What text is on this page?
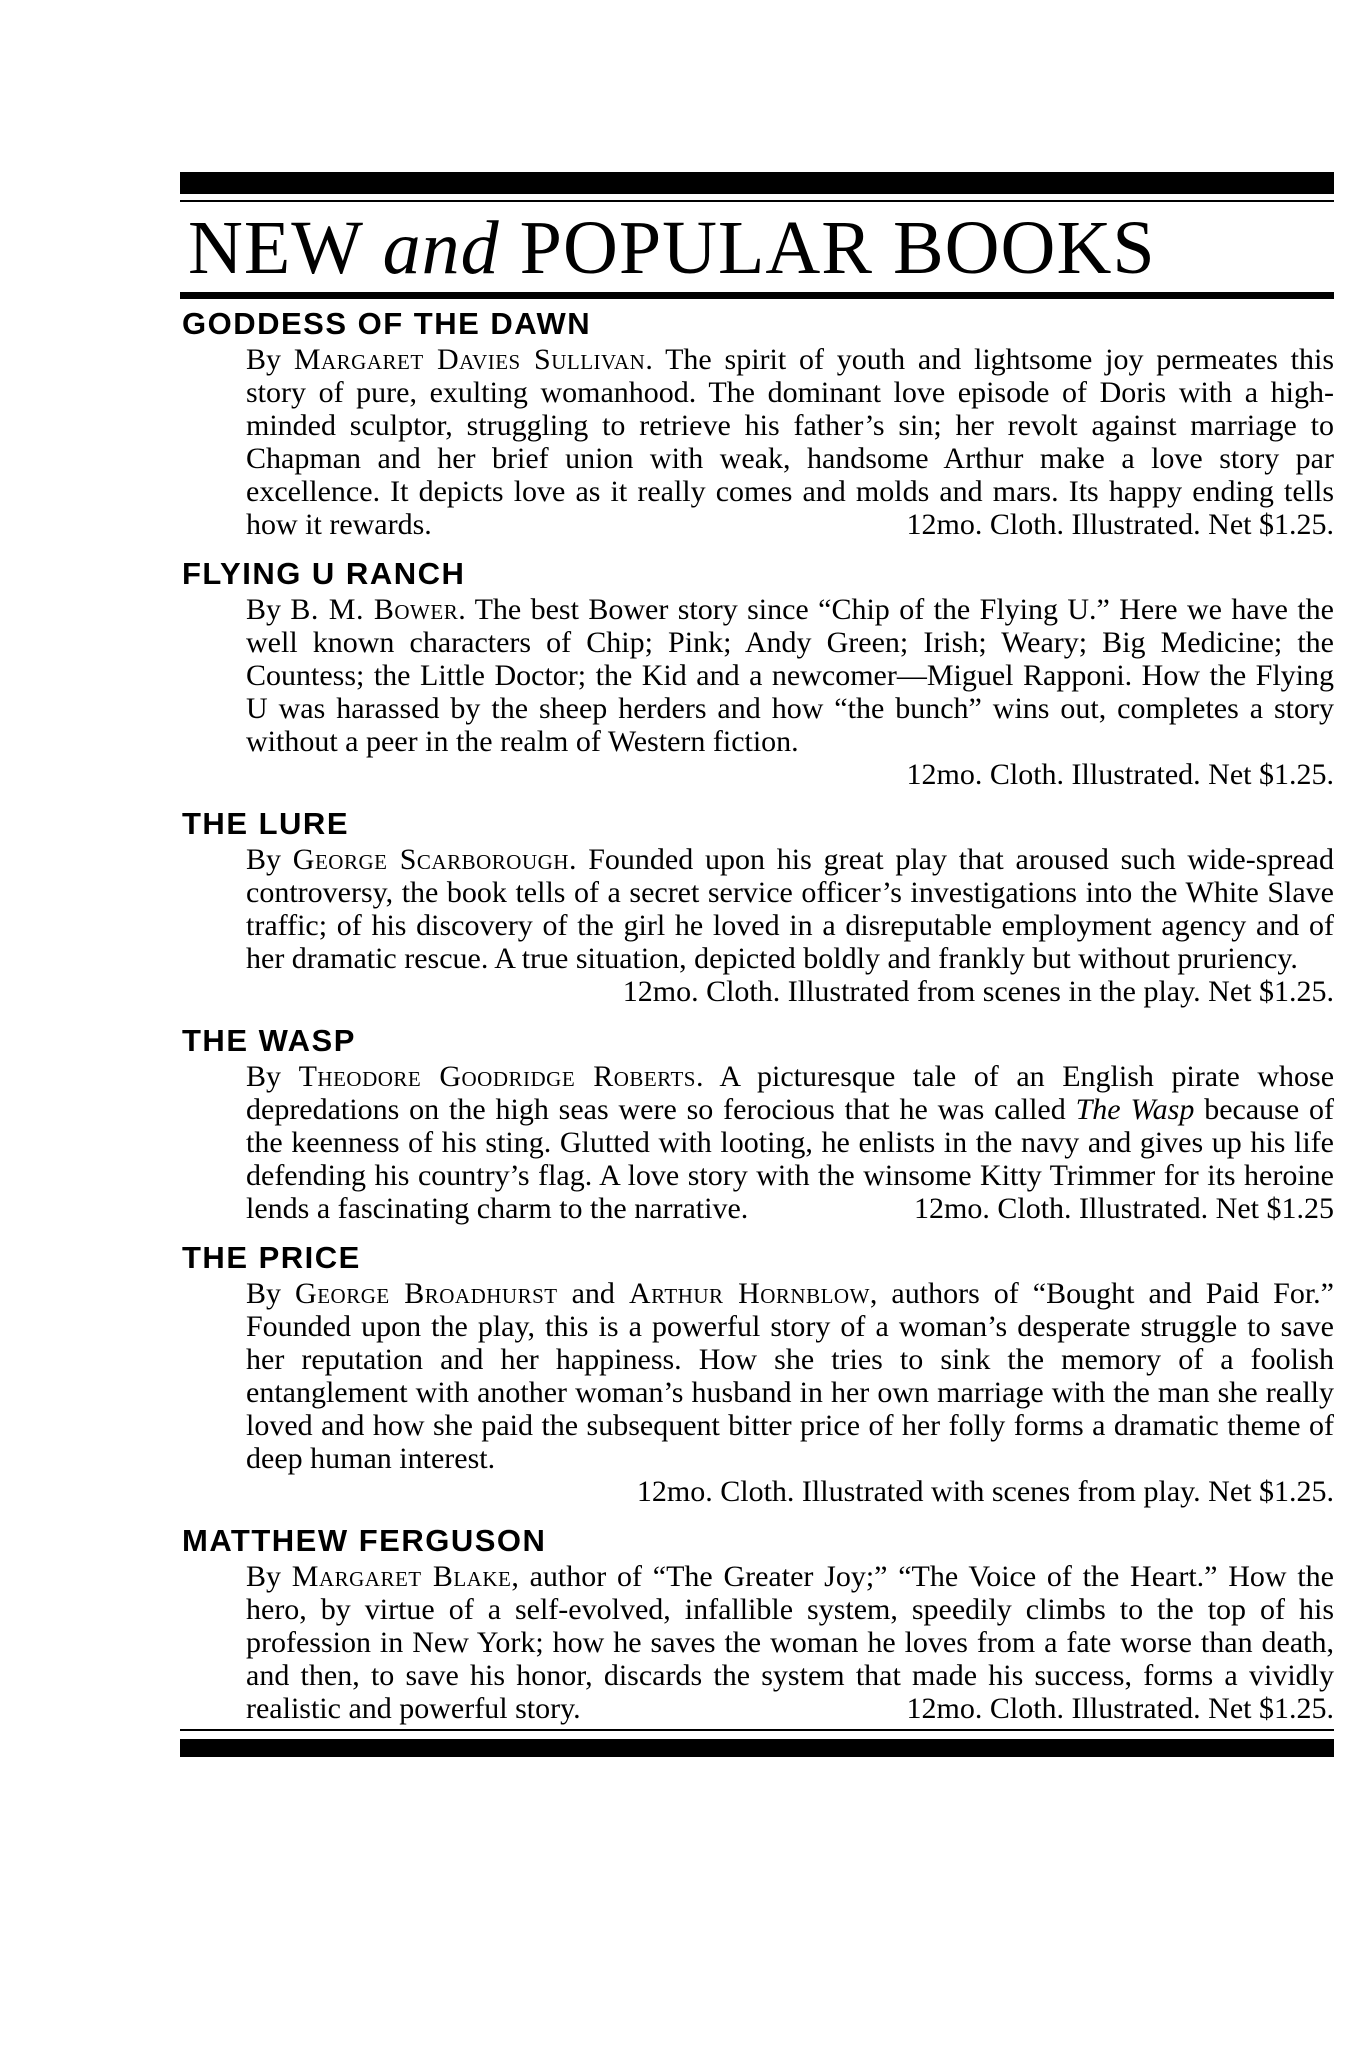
NEW and POPULAR BOOKS
GODDESS OF THE DAWN

By Margaret Davies Sullivan. The spirit of youth and lightsome joy permeates this story of pure, exulting womanhood. The dominant love episode of Doris with a high-minded sculptor, struggling to retrieve his father’s sin; her revolt against marriage to Chapman and her brief union with weak, handsome Arthur make a love story par excellence. It depicts love as it really comes and molds and mars. Its happy ending tells how it rewards.	12mo. Cloth. Illustrated. Net $1.25.

FLYING U RANCH

By B. M. Bower. The best Bower story since “Chip of the Flying U.” Here we have the well known characters of Chip; Pink; Andy Green; Irish; Weary; Big Medicine; the Countess; the Little Doctor; the Kid and a newcomer—Miguel Rapponi. How the Flying U was harassed by the sheep herders and how “the bunch” wins out, completes a story without a peer in the realm of Western fiction.
12mo. Cloth. Illustrated. Net $1.25.

THE LURE

By George Scarborough. Founded upon his great play that aroused such wide-spread controversy, the book tells of a secret service officer’s investigations into the White Slave traffic; of his discovery of the girl he loved in a disreputable employment agency and of her dramatic rescue. A true situation, depicted boldly and frankly but without pruriency.
12mo. Cloth. Illustrated from scenes in the play. Net $1.25.

THE WASP

By Theodore Goodridge Roberts. A picturesque tale of an English pirate whose depredations on the high seas were so ferocious that he was called The Wasp because of the keenness of his sting. Glutted with looting, he enlists in the navy and gives up his life defending his country’s flag. A love story with the winsome Kitty Trimmer for its heroine lends a fascinating charm to the narrative.	12mo. Cloth. Illustrated. Net $1.25

THE PRICE

By George Broadhurst and Arthur Hornblow, authors of “Bought and Paid For.” Founded upon the play, this is a powerful story of a woman’s desperate struggle to save her reputation and her happiness. How she tries to sink the memory of a foolish entanglement with another woman’s husband in her own marriage with the man she really loved and how she paid the subsequent bitter price of her folly forms a dramatic theme of deep human interest.
12mo. Cloth. Illustrated with scenes from play. Net $1.25.

MATTHEW FERGUSON

By Margaret Blake, author of “The Greater Joy;” “The Voice of the Heart.” How the hero, by virtue of a self-evolved, infallible system, speedily climbs to the top of his profession in New York; how he saves the woman he loves from a fate worse than death, and then, to save his honor, discards the system that made his success, forms a vividly realistic and powerful story.	12mo. Cloth. Illustrated. Net $1.25.
